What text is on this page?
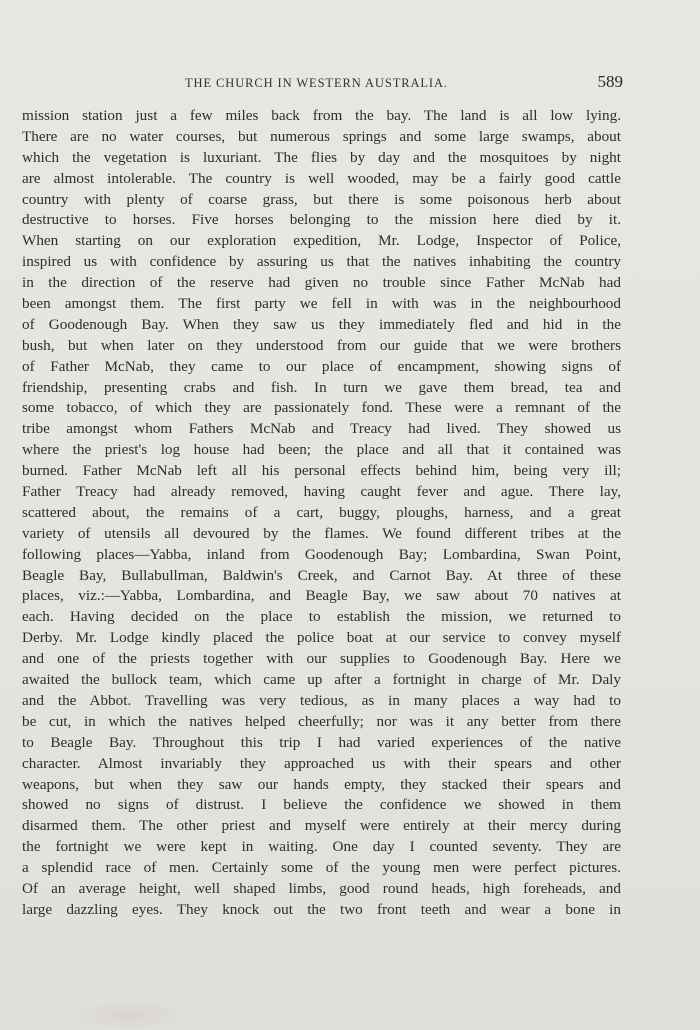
THE CHURCH IN WESTERN AUSTRALIA.	589
mission station just a few miles back from the bay. The land is all low lying.
There are no water courses, but numerous springs and some large swamps, about
which the vegetation is luxuriant. The flies by day and the mosquitoes by night
are almost intolerable. The country is well wooded, may be a fairly good cattle
country with plenty of coarse grass, but there is some poisonous herb about
destructive to horses. Five horses belonging to the mission here died by it.
When starting on our exploration expedition, Mr. Lodge, Inspector of Police,
inspired us with confidence by assuring us that the natives inhabiting the country
in the direction of the reserve had given no trouble since Father McNab had
been amongst them. The first party we fell in with was in the neighbourhood
of Goodenough Bay. When they saw us they immediately fled and hid in the
bush, but when later on they understood from our guide that we were brothers
of Father McNab, they came to our place of encampment, showing signs of
friendship, presenting crabs and fish. In turn we gave them bread, tea and
some tobacco, of which they are passionately fond. These were a remnant of the
tribe amongst whom Fathers McNab and Treacy had lived. They showed us
where the priest's log house had been; the place and all that it contained was
burned. Father McNab left all his personal effects behind him, being very ill;
Father Treacy had already removed, having caught fever and ague. There lay,
scattered about, the remains of a cart, buggy, ploughs, harness, and a great
variety of utensils all devoured by the flames. We found different tribes at the
following places—Yabba, inland from Goodenough Bay; Lombardina, Swan Point,
Beagle Bay, Bullabullman, Baldwin's Creek, and Carnot Bay. At three of these
places, viz.:—Yabba, Lombardina, and Beagle Bay, we saw about 70 natives at
each. Having decided on the place to establish the mission, we returned to
Derby. Mr. Lodge kindly placed the police boat at our service to convey myself
and one of the priests together with our supplies to Goodenough Bay. Here we
awaited the bullock team, which came up after a fortnight in charge of Mr. Daly
and the Abbot. Travelling was very tedious, as in many places a way had to
be cut, in which the natives helped cheerfully; nor was it any better from there
to Beagle Bay. Throughout this trip I had varied experiences of the native
character. Almost invariably they approached us with their spears and other
weapons, but when they saw our hands empty, they stacked their spears and
showed no signs of distrust. I believe the confidence we showed in them
disarmed them. The other priest and myself were entirely at their mercy during
the fortnight we were kept in waiting. One day I counted seventy. They are
a splendid race of men. Certainly some of the young men were perfect pictures.
Of an average height, well shaped limbs, good round heads, high foreheads, and
large dazzling eyes. They knock out the two front teeth and wear a bone in
